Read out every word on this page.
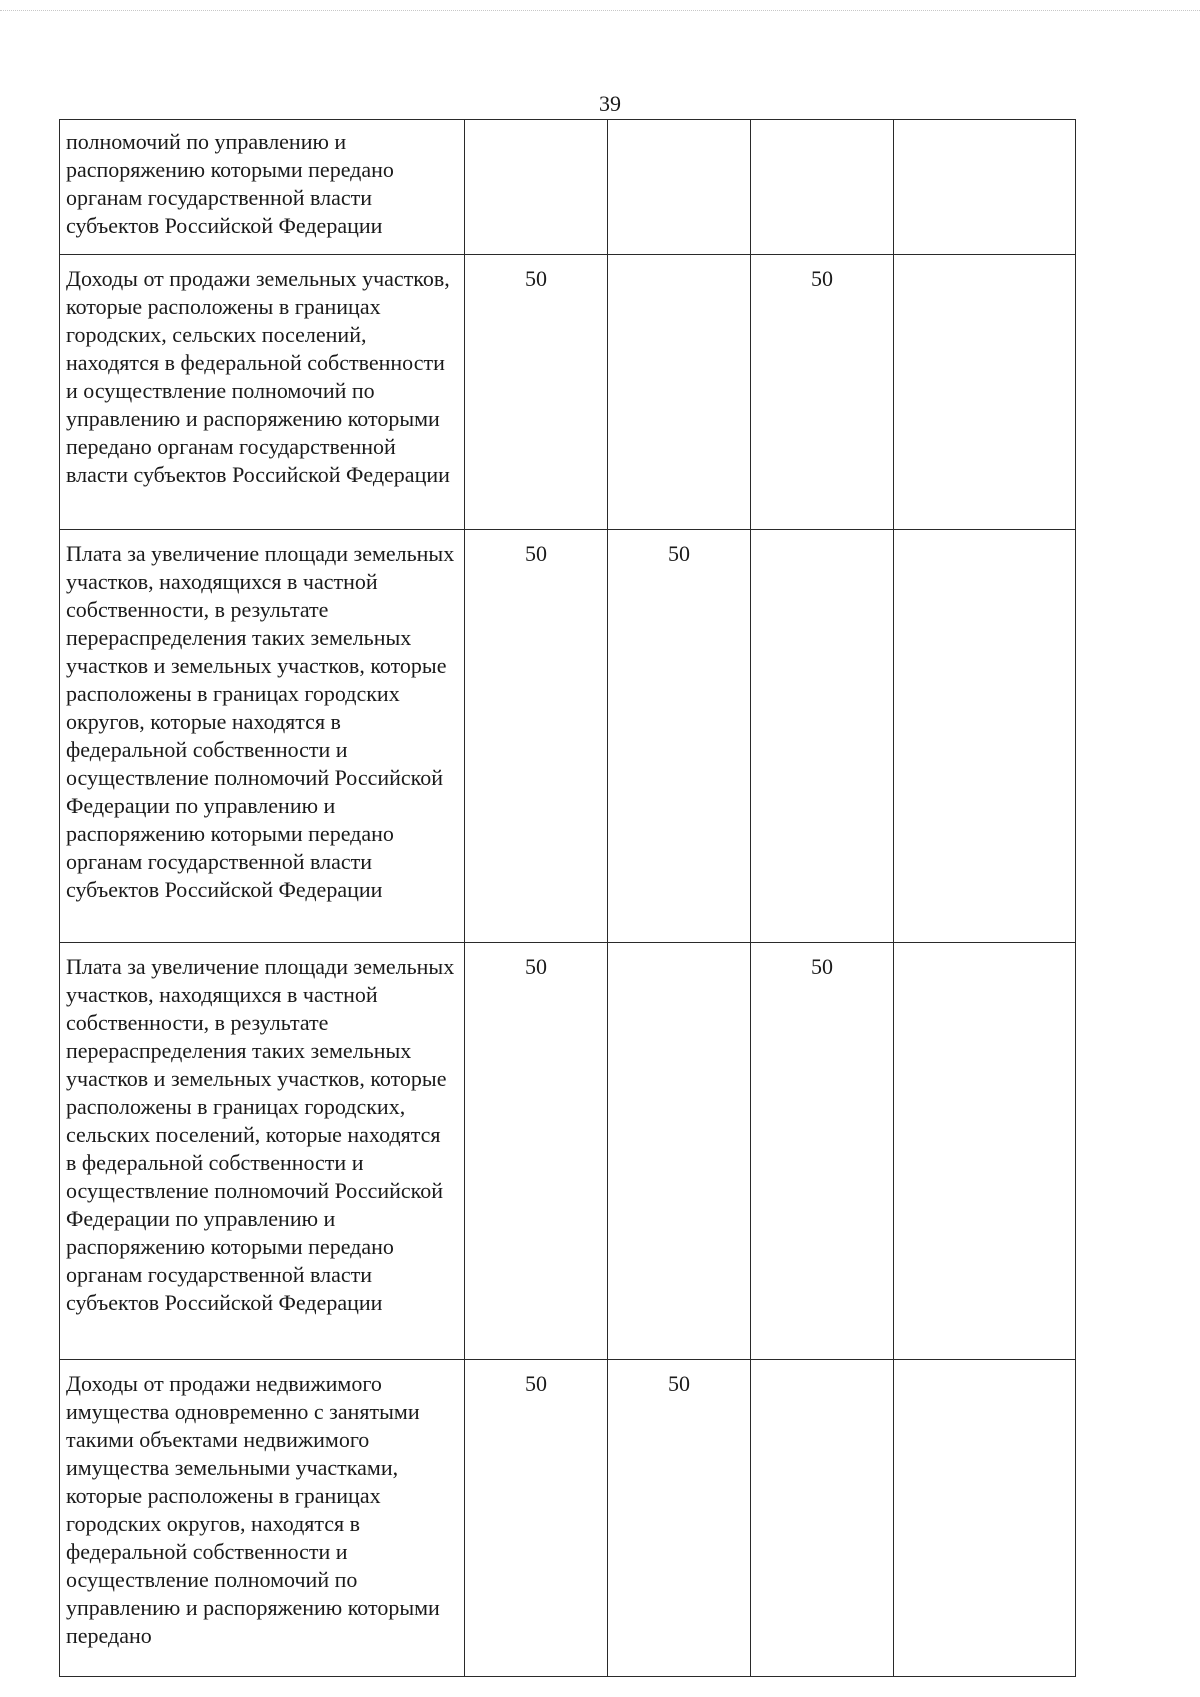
39
полномочий по управлению и распоряжению которыми передано органам государственной власти субъектов Российской Федерации				
Доходы от продажи земельных участков, которые расположены в границах городских, сельских поселений, находятся в федеральной собственности и осуществление полномочий по управлению и распоряжению которыми передано органам государственной власти субъектов Российской Федерации	50		50	
Плата за увеличение площади земельных участков, находящихся в частной собственности, в результате перераспределения таких земельных участков и земельных участков, которые расположены в границах городских округов, которые находятся в федеральной собственности и осуществление полномочий Российской Федерации по управлению и распоряжению которыми передано органам государственной власти субъектов Российской Федерации	50	50		
Плата за увеличение площади земельных участков, находящихся в частной собственности, в результате перераспределения таких земельных участков и земельных участков, которые расположены в границах городских, сельских поселений, которые находятся в федеральной собственности и осуществление полномочий Российской Федерации по управлению и распоряжению которыми передано органам государственной власти субъектов Российской Федерации	50		50	
Доходы от продажи недвижимого имущества одновременно с занятыми такими объектами недвижимого имущества земельными участками, которые расположены в границах городских округов, находятся в федеральной собственности и осуществление полномочий по управлению и распоряжению которыми передано	50	50		
